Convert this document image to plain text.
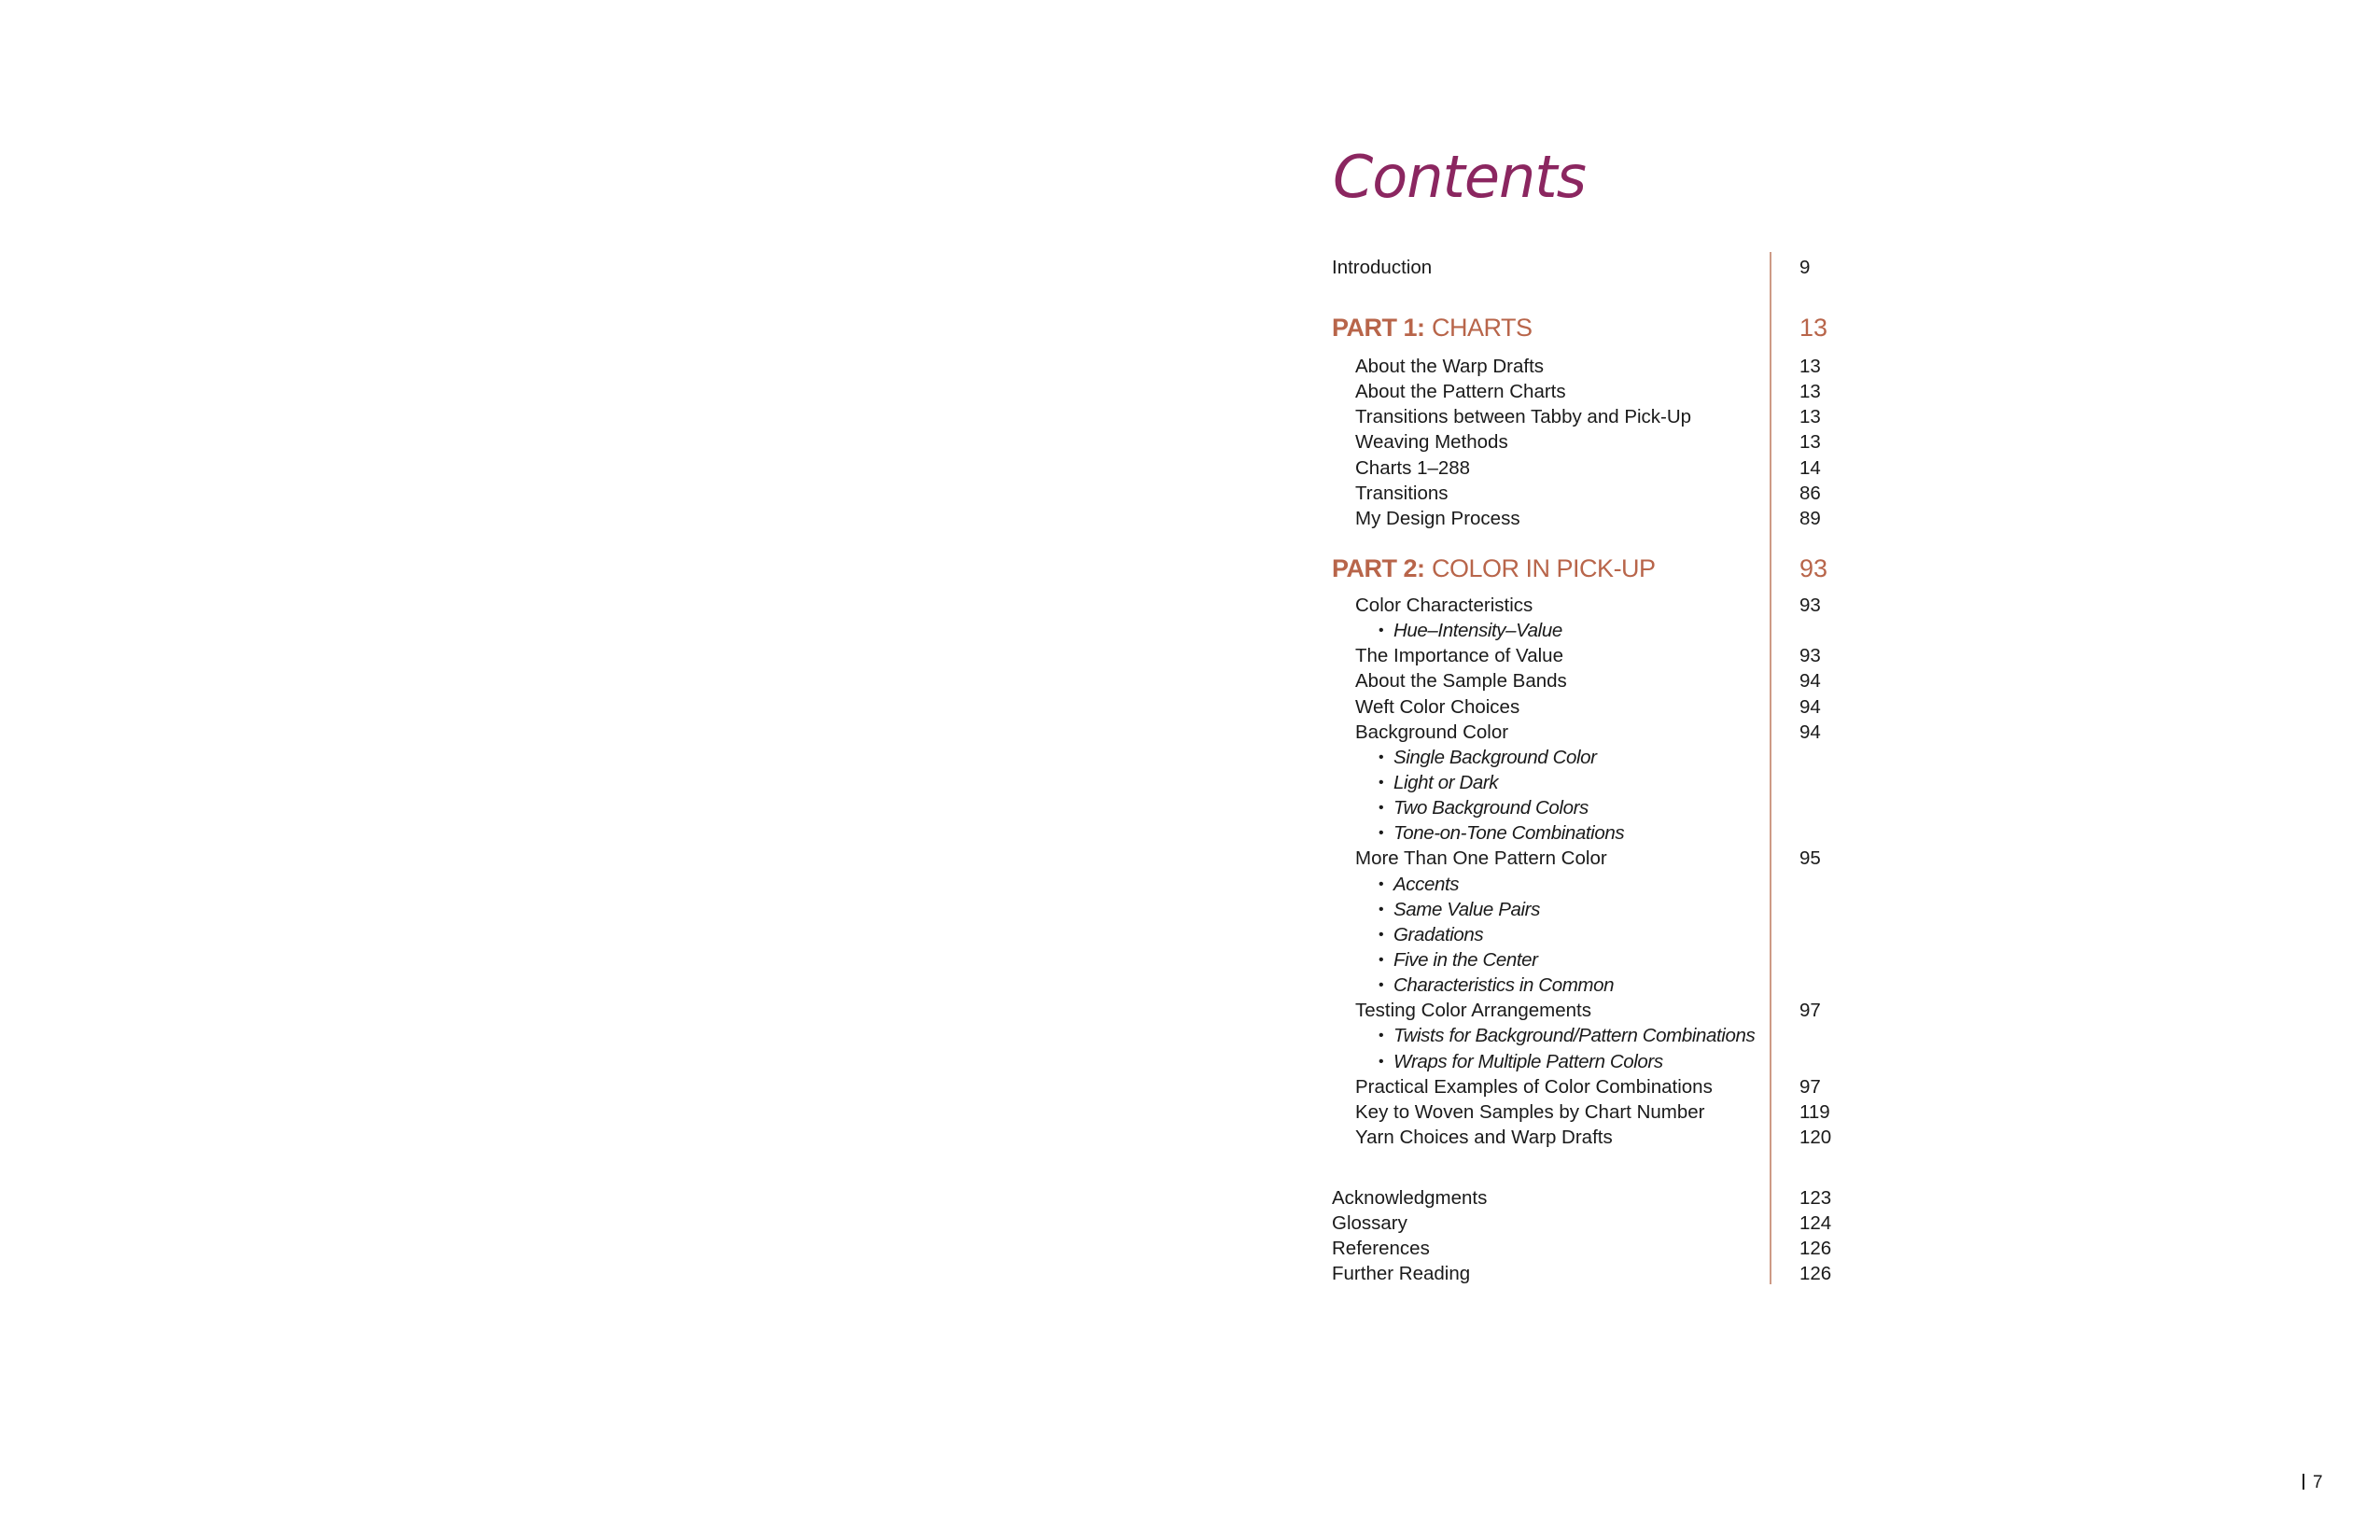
Contents
Introduction	9
PART 1: CHARTS	13
About the Warp Drafts	13
About the Pattern Charts	13
Transitions between Tabby and Pick-Up	13
Weaving Methods	13
Charts 1–288	14
Transitions	86
My Design Process	89
PART 2: COLOR IN PICK-UP	93
Color Characteristics	93
• Hue–Intensity–Value
The Importance of Value	93
About the Sample Bands	94
Weft Color Choices	94
Background Color	94
• Single Background Color
• Light or Dark
• Two Background Colors
• Tone-on-Tone Combinations
More Than One Pattern Color	95
• Accents
• Same Value Pairs
• Gradations
• Five in the Center
• Characteristics in Common
Testing Color Arrangements	97
• Twists for Background/Pattern Combinations
• Wraps for Multiple Pattern Colors
Practical Examples of Color Combinations	97
Key to Woven Samples by Chart Number	119
Yarn Choices and Warp Drafts	120
Acknowledgments	123
Glossary	124
References	126
Further Reading	126
7
